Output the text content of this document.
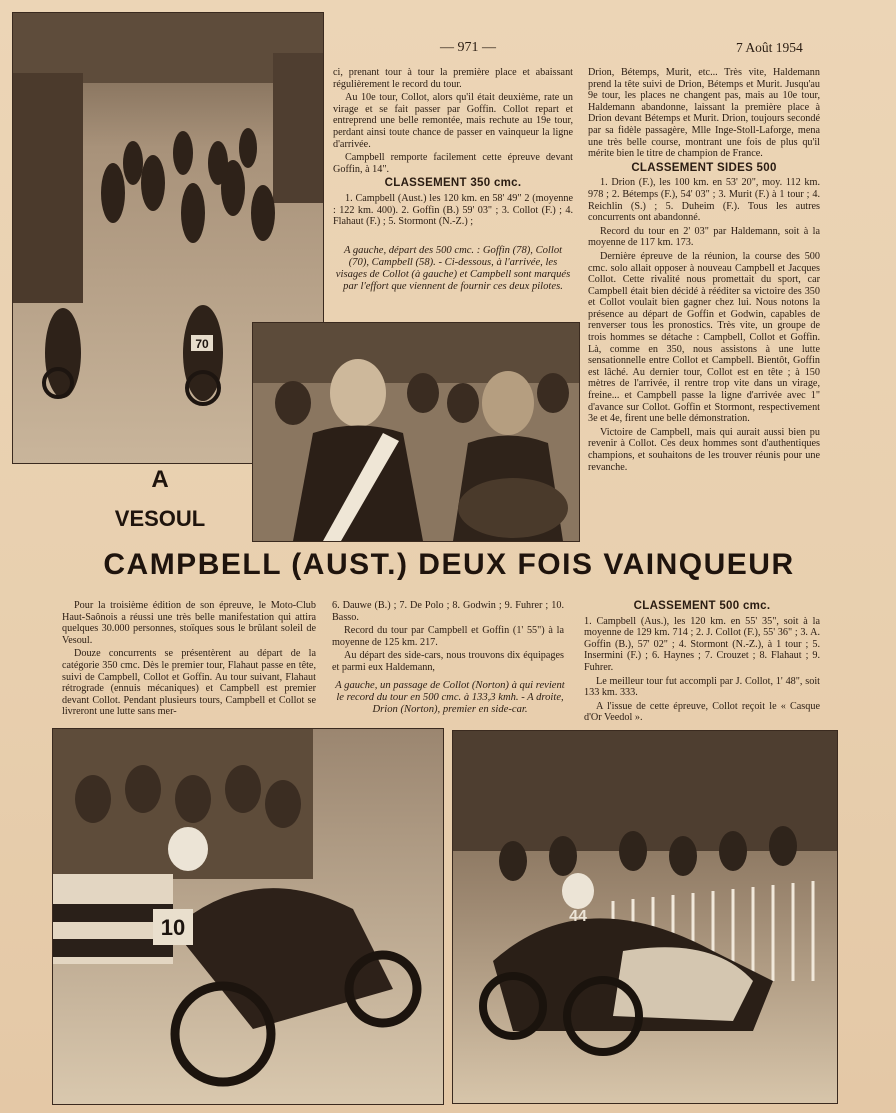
— 971 —	7 Août 1954
70
A gauche, départ des 500 cmc. : Goffin (78), Collot (70), Campbell (58). - Ci-dessous, à l'arrivée, les visages de Collot (à gauche) et Campbell sont marqués par l'effort que viennent de fournir ces deux pilotes.

ci, prenant tour à tour la première place et abaissant régulièrement le record du tour.

Au 10e tour, Collot, alors qu'il était deuxième, rate un virage et se fait passer par Goffin. Collot repart et entreprend une belle remontée, mais rechute au 19e tour, perdant ainsi toute chance de passer en vainqueur la ligne d'arrivée.

Campbell remporte facilement cette épreuve devant Goffin, à 14".

CLASSEMENT 350 cmc.

1. Campbell (Aust.) les 120 km. en 58' 49" 2 (moyenne : 122 km. 400). 2. Goffin (B.) 59' 03" ; 3. Collot (F.) ; 4. Flahaut (F.) ; 5. Stormont (N.-Z.) ;

Drion, Bétemps, Murit, etc... Très vite, Haldemann prend la tête suivi de Drion, Bétemps et Murit. Jusqu'au 9e tour, les places ne changent pas, mais au 10e tour, Haldemann abandonne, laissant la première place à Drion devant Bétemps et Murit. Drion, toujours secondé par sa fidèle passagère, Mlle Inge-Stoll-Laforge, mena une très belle course, montrant une fois de plus qu'il mérite bien le titre de champion de France.

CLASSEMENT SIDES 500

1. Drion (F.), les 100 km. en 53' 20", moy. 112 km. 978 ; 2. Bétemps (F.), 54' 03" ; 3. Murit (F.) à 1 tour ; 4. Reichlin (S.) ; 5. Duheim (F.). Tous les autres concurrents ont abandonné.

Record du tour en 2' 03" par Haldemann, soit à la moyenne de 117 km. 173.

Dernière épreuve de la réunion, la course des 500 cmc. solo allait opposer à nouveau Campbell et Jacques Collot. Cette rivalité nous promettait du sport, car Campbell était bien décidé à rééditer sa victoire des 350 et Collot voulait bien gagner chez lui. Nous notons la présence au départ de Goffin et Godwin, capables de renverser tous les pronostics. Très vite, un groupe de trois hommes se détache : Campbell, Collot et Goffin. Là, comme en 350, nous assistons à une lutte sensationnelle entre Collot et Campbell. Bientôt, Goffin est lâché. Au dernier tour, Collot est en tête ; à 150 mètres de l'arrivée, il rentre trop vite dans un virage, freine... et Campbell passe la ligne d'arrivée avec 1" d'avance sur Collot. Goffin et Stormont, respectivement 3e et 4e, firent une belle démonstration.

Victoire de Campbell, mais qui aurait aussi bien pu revenir à Collot. Ces deux hommes sont d'authentiques champions, et souhaitons de les trouver réunis pour une revanche.

A
VESOUL
CAMPBELL (AUST.) DEUX FOIS VAINQUEUR

Pour la troisième édition de son épreuve, le Moto-Club Haut-Saônois a réussi une très belle manifestation qui attira quelques 30.000 personnes, stoïques sous le brûlant soleil de Vesoul.

Douze concurrents se présentèrent au départ de la catégorie 350 cmc. Dès le premier tour, Flahaut passe en tête, suivi de Campbell, Collot et Goffin. Au tour suivant, Flahaut rétrograde (ennuis mécaniques) et Campbell est premier devant Collot. Pendant plusieurs tours, Campbell et Collot se livreront une lutte sans mer-

6. Dauwe (B.) ; 7. De Polo ; 8. Godwin ; 9. Fuhrer ; 10. Basso.

Record du tour par Campbell et Goffin (1' 55") à la moyenne de 125 km. 217.

Au départ des side-cars, nous trouvons dix équipages et parmi eux Haldemann,

A gauche, un passage de Collot (Norton) à qui revient le record du tour en 500 cmc. à 133,3 kmh. - A droite, Drion (Norton), premier en side-car.
CLASSEMENT 500 cmc.

1. Campbell (Aus.), les 120 km. en 55' 35", soit à la moyenne de 129 km. 714 ; 2. J. Collot (F.), 55' 36" ; 3. A. Goffin (B.), 57' 02" ; 4. Stormont (N.-Z.), à 1 tour ; 5. Insermini (F.) ; 6. Haynes ; 7. Crouzet ; 8. Flahaut ; 9. Fuhrer.

Le meilleur tour fut accompli par J. Collot, 1' 48", soit 133 km. 333.

A l'issue de cette épreuve, Collot reçoit le « Casque d'Or Veedol ».

10	44
